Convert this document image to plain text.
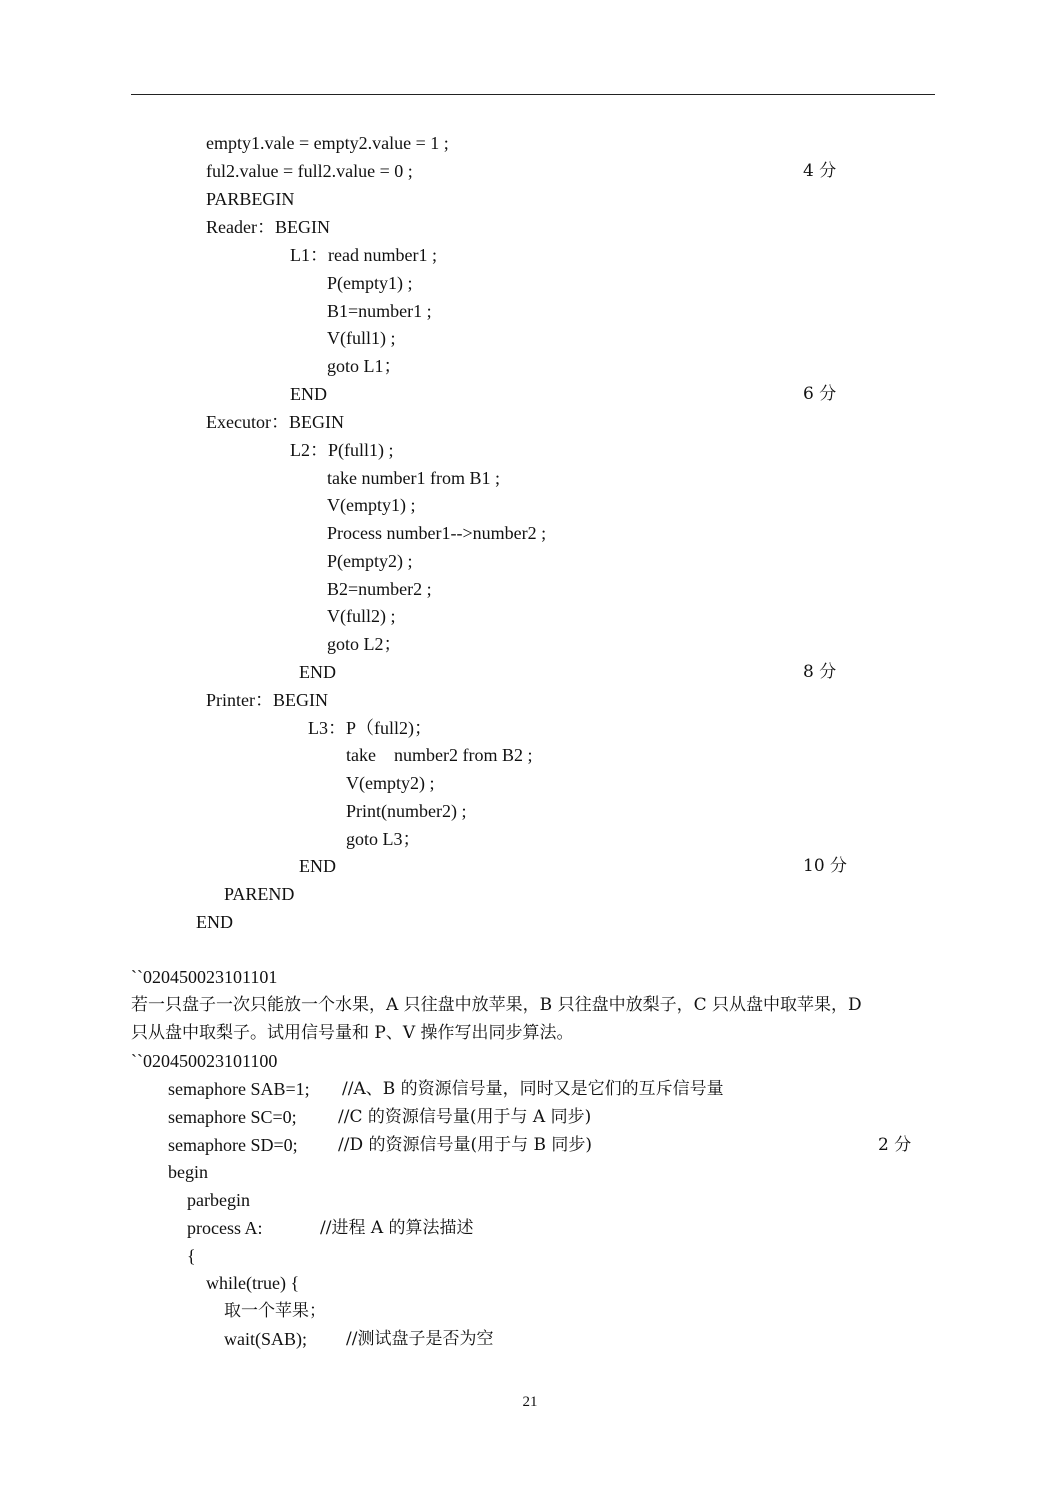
empty1.vale = empty2.value = 1 ;
ful2.value = full2.value = 0 ;	4 分
PARBEGIN
Reader：BEGIN
L1：read number1 ;
P(empty1) ;
B1=number1 ;
V(full1) ;
goto L1；
END	6 分
Executor：BEGIN
L2：P(full1) ;
take number1 from B1 ;
V(empty1) ;
Process number1-->number2 ;
P(empty2) ;
B2=number2 ;
V(full2) ;
goto L2；
END	8 分
Printer：BEGIN
L3：P（full2)；
take    number2 from B2 ;
V(empty2) ;
Print(number2) ;
goto L3；
END	10 分
PAREND
END
``020450023101101
若一只盘子一次只能放一个水果，A 只往盘中放苹果，B 只往盘中放梨子，C 只从盘中取苹果，D
只从盘中取梨子。试用信号量和 P、V 操作写出同步算法。
``020450023101100
semaphore SAB=1; //A、B 的资源信号量，同时又是它们的互斥信号量
semaphore SC=0; //C 的资源信号量(用于与 A 同步)
semaphore SD=0; //D 的资源信号量(用于与 B 同步)	2 分
begin
parbegin
process A:	//进程 A 的算法描述
{
while(true) {
取一个苹果；
wait(SAB); //测试盘子是否为空
21
